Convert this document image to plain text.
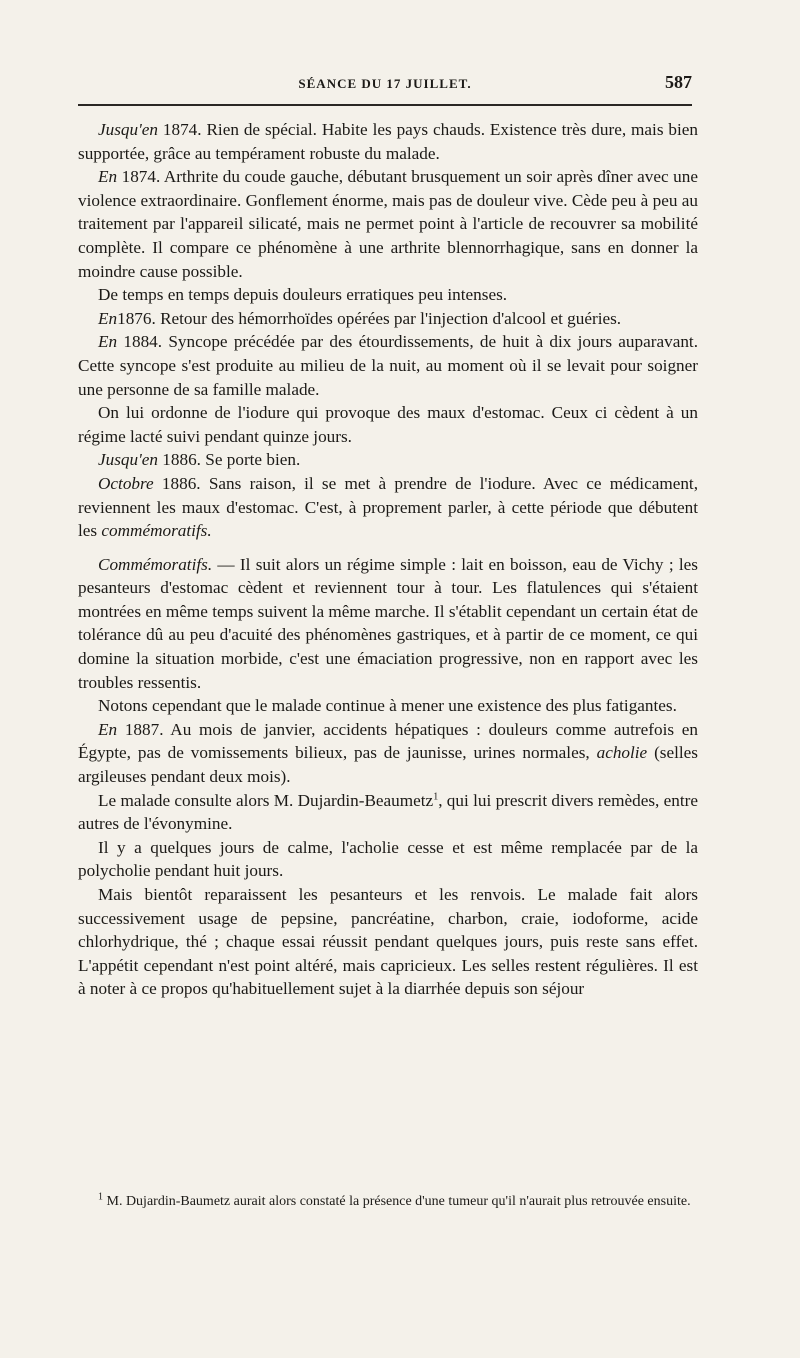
SÉANCE DU 17 JUILLET.	587

Jusqu'en 1874. Rien de spécial. Habite les pays chauds. Existence très dure, mais bien supportée, grâce au tempérament robuste du malade.

En 1874. Arthrite du coude gauche, débutant brusquement un soir après dîner avec une violence extraordinaire. Gonflement énorme, mais pas de douleur vive. Cède peu à peu au traitement par l'appareil silicaté, mais ne permet point à l'article de recouvrer sa mobilité complète. Il compare ce phénomène à une arthrite blennorrhagique, sans en donner la moindre cause possible.

De temps en temps depuis douleurs erratiques peu intenses.

En1876. Retour des hémorrhoïdes opérées par l'injection d'alcool et guéries.

En 1884. Syncope précédée par des étourdissements, de huit à dix jours auparavant. Cette syncope s'est produite au milieu de la nuit, au moment où il se levait pour soigner une personne de sa famille malade.

On lui ordonne de l'iodure qui provoque des maux d'estomac. Ceux ci cèdent à un régime lacté suivi pendant quinze jours.

Jusqu'en 1886. Se porte bien.

Octobre 1886. Sans raison, il se met à prendre de l'iodure. Avec ce médicament, reviennent les maux d'estomac. C'est, à proprement parler, à cette période que débutent les commémoratifs.

Commémoratifs. — Il suit alors un régime simple : lait en boisson, eau de Vichy ; les pesanteurs d'estomac cèdent et reviennent tour à tour. Les flatulences qui s'étaient montrées en même temps suivent la même marche. Il s'établit cependant un certain état de tolérance dû au peu d'acuité des phénomènes gastriques, et à partir de ce moment, ce qui domine la situation morbide, c'est une émaciation progressive, non en rapport avec les troubles ressentis.

Notons cependant que le malade continue à mener une existence des plus fatigantes.

En 1887. Au mois de janvier, accidents hépatiques : douleurs comme autrefois en Égypte, pas de vomissements bilieux, pas de jaunisse, urines normales, acholie (selles argileuses pendant deux mois).

Le malade consulte alors M. Dujardin-Beaumetz$^1$, qui lui prescrit divers remèdes, entre autres de l'évonymine.

Il y a quelques jours de calme, l'acholie cesse et est même remplacée par de la polycholie pendant huit jours.

Mais bientôt reparaissent les pesanteurs et les renvois. Le malade fait alors successivement usage de pepsine, pancréatine, charbon, craie, iodoforme, acide chlorhydrique, thé ; chaque essai réussit pendant quelques jours, puis reste sans effet. L'appétit cependant n'est point altéré, mais capricieux. Les selles restent régulières. Il est à noter à ce propos qu'habituellement sujet à la diarrhée depuis son séjour

$^1$ M. Dujardin-Baumetz aurait alors constaté la présence d'une tumeur qu'il n'aurait plus retrouvée ensuite.
